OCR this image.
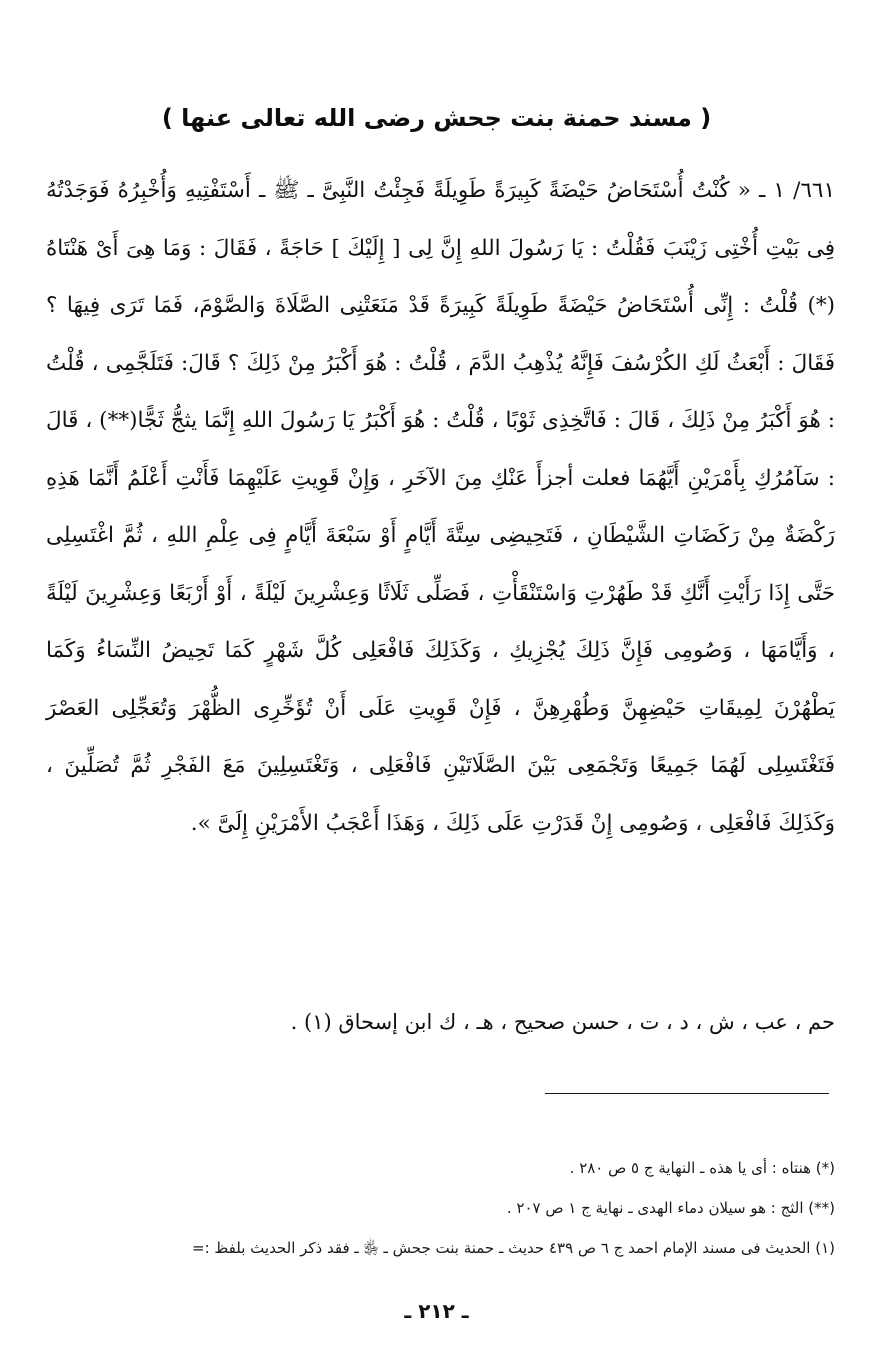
( مسند حمنة بنت جحش رضى الله تعالى عنها )

٦٦١/ ١ ـ « كُنْتُ أُسْتَحَاضُ حَيْضَةً كَبِيرَةً طَوِيلَةً فَجِئْتُ النَّبِىَّ ـ ﷺ ـ أَسْتَفْتِيهِ وَأُخْبِرُهُ فَوَجَدْتُهُ فِى بَيْتِ أُخْتِى زَيْنَبَ فَقُلْتُ : يَا رَسُولَ اللهِ إِنَّ لِى [ إِلَيْكَ ] حَاجَةً ، فَقَالَ : وَمَا هِىَ أَىْ هَنْتَاهُ (*) قُلْتُ : إِنِّى أُسْتَحَاضُ حَيْضَةً طَوِيلَةً كَبِيرَةً قَدْ مَنَعَتْنِى الصَّلَاةَ وَالصَّوْمَ، فَمَا تَرَى فِيهَا ؟ فَقَالَ : أَبْعَثُ لَكِ الكُرْسُفَ فَإِنَّهُ يُذْهِبُ الدَّمَ ، قُلْتُ : هُوَ أَكْبَرُ مِنْ ذَلِكَ ؟ قَالَ: فَتَلَجَّمِى ، قُلْتُ : هُوَ أَكْبَرُ مِنْ ذَلِكَ ، قَالَ : فَاتَّخِذِى ثَوْبًا ، قُلْتُ : هُوَ أَكْبَرُ يَا رَسُولَ اللهِ إِنَّمَا يثجُّ ثَجًّا(**) ، قَالَ : سَآمُرُكِ بِأَمْرَيْنِ أَيَّهُمَا فعلت أجزأَ عَنْكِ مِنَ الآخَرِ ، وَإِنْ قَوِيتِ عَلَيْهِمَا فَأَنْتِ أَعْلَمُ أَنَّمَا هَذِهِ رَكْضَةٌ مِنْ رَكَضَاتِ الشَّيْطَانِ ، فَتَحِيضِى سِتَّةَ أَيَّامٍ أَوْ سَبْعَةَ أَيَّامٍ فِى عِلْمِ اللهِ ، ثُمَّ اغْتَسِلِى حَتَّى إِذَا رَأَيْتِ أَنَّكِ قَدْ طَهُرْتِ وَاسْتَنْقَأْتِ ، فَصَلِّى ثَلَاثًا وَعِشْرِينَ لَيْلَةً ، أَوْ أَرْبَعًا وَعِشْرِينَ لَيْلَةً ، وَأَيَّامَهَا ، وَصُومِى فَإِنَّ ذَلِكَ يُجْزِيكِ ، وَكَذَلِكَ فَافْعَلِى كُلَّ شَهْرٍ كَمَا تَحِيضُ النِّسَاءُ وَكَمَا يَطْهُرْنَ لِمِيقَاتِ حَيْضِهِنَّ وَطُهْرِهِنَّ ، فَإِنْ قَوِيتِ عَلَى أَنْ تُؤَخِّرِى الظُّهْرَ وَتُعَجِّلِى العَصْرَ فَتَغْتَسِلِى لَهُمَا جَمِيعًا وَتَجْمَعِى بَيْنَ الصَّلَاتَيْنِ فَافْعَلِى ، وَتَغْتَسِلِينَ مَعَ الفَجْرِ ثُمَّ تُصَلِّينَ ، وَكَذَلِكَ فَافْعَلِى ، وَصُومِى إِنْ قَدَرْتِ عَلَى ذَلِكَ ، وَهَذَا أَعْجَبُ الأَمْرَيْنِ إِلَىَّ ».

حم ، عب ، ش ، د ، ت ، حسن صحيح ، هـ ، ك ابن إسحاق (١) .
(*) هنتاه : أى يا هذه ـ النهاية ج ٥ ص ٢٨٠ .
(**) الثج : هو سيلان دماء الهدى ـ نهاية ج ١ ص ٢٠٧ .
(١) الحديث فى مسند الإمام احمد ج ٦ ص ٤٣٩ حديث ـ حمنة بنت جحش ـ ﵂ ـ فقد ذكر الحديث بلفظ :=
ـ ٢١٢ ـ
